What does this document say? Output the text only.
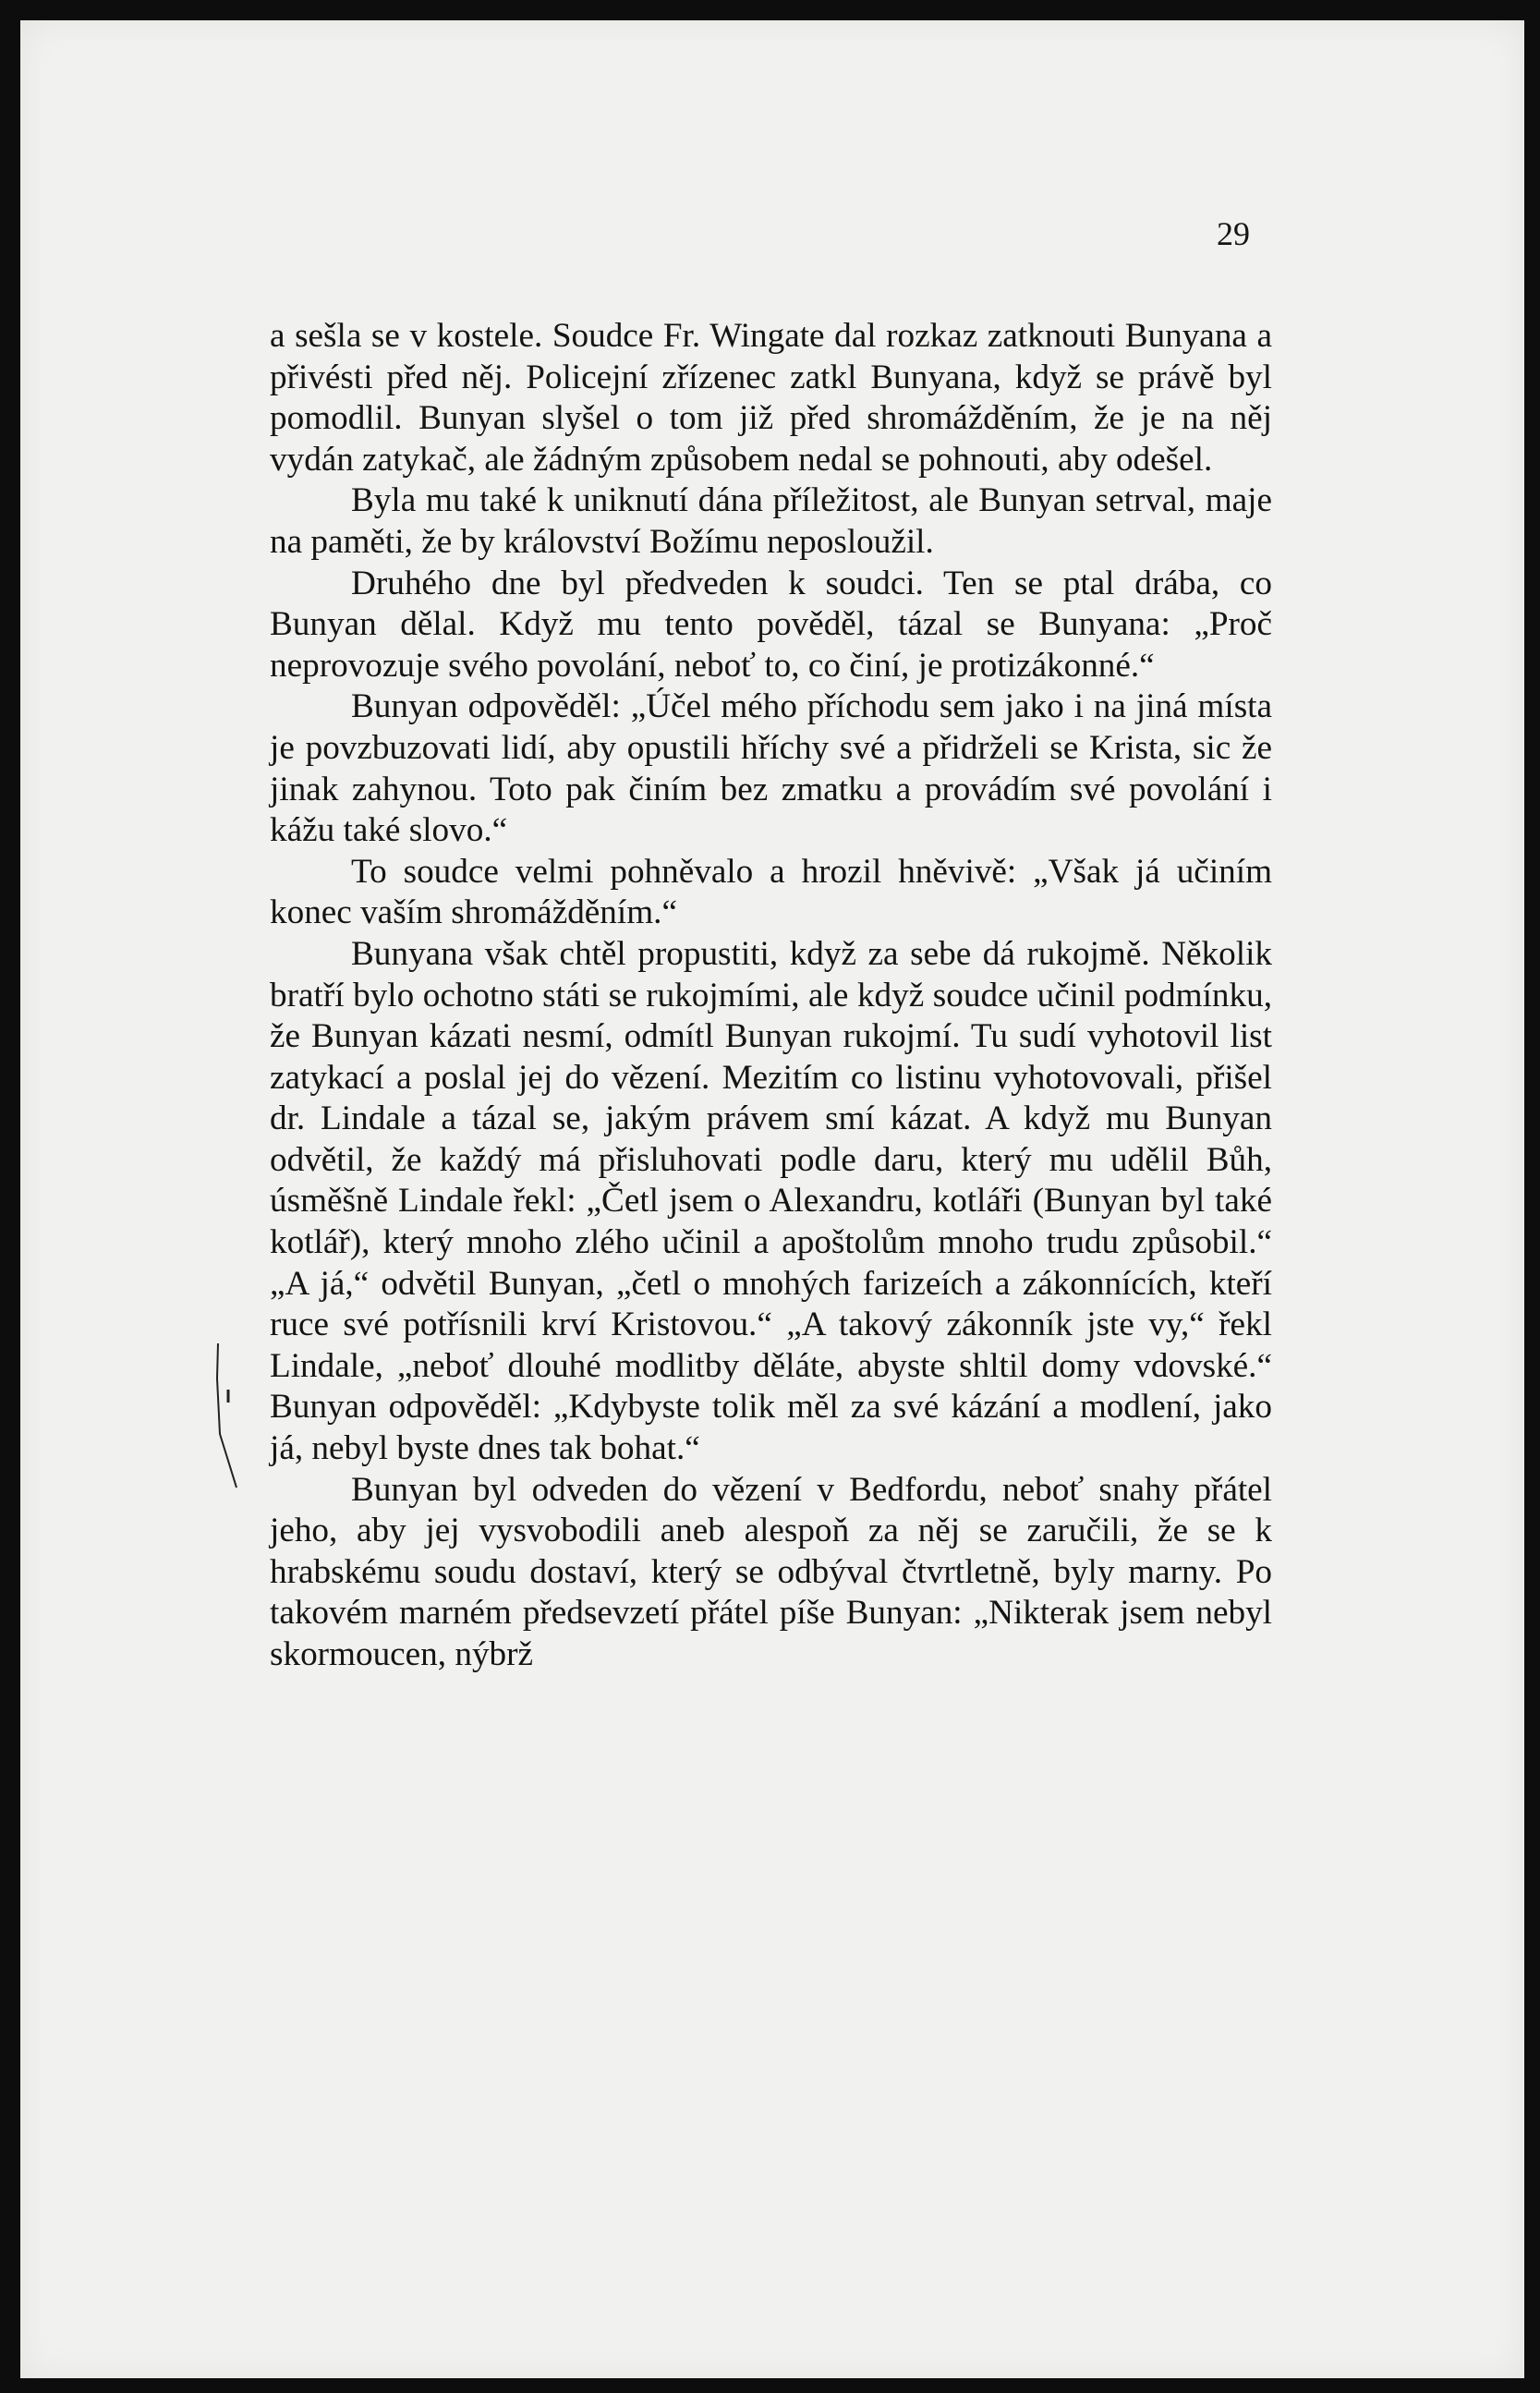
29

a sešla se v kostele. Soudce Fr. Wingate dal rozkaz zatknouti Bunyana a přivésti před něj. Policejní zřízenec zatkl Bunyana, když se právě byl pomodlil. Bunyan slyšel o tom již před shromážděním, že je na něj vydán zatykač, ale žádným způsobem nedal se pohnouti, aby odešel.

Byla mu také k uniknutí dána příležitost, ale Bunyan setrval, maje na paměti, že by království Božímu neposloužil.

Druhého dne byl předveden k soudci. Ten se ptal drába, co Bunyan dělal. Když mu tento pověděl, tázal se Bunyana: „Proč neprovozuje svého povolání, neboť to, co činí, je protizákonné.“

Bunyan odpověděl: „Účel mého příchodu sem jako i na jiná místa je povzbuzovati lidí, aby opustili hříchy své a přidrželi se Krista, sic že jinak zahynou. Toto pak činím bez zmatku a provádím své povolání i kážu také slovo.“

To soudce velmi pohněvalo a hrozil hněvivě: „Však já učiním konec vaším shromážděním.“

Bunyana však chtěl propustiti, když za sebe dá rukojmě. Několik bratří bylo ochotno státi se rukojmími, ale když soudce učinil podmínku, že Bunyan kázati nesmí, odmítl Bunyan rukojmí. Tu sudí vyhotovil list zatykací a poslal jej do vězení. Mezitím co listinu vyhotovovali, přišel dr. Lindale a tázal se, jakým právem smí kázat. A když mu Bunyan odvětil, že každý má přisluhovati podle daru, který mu udělil Bůh, úsměšně Lindale řekl: „Četl jsem o Alexandru, kotláři (Bunyan byl také kotlář), který mnoho zlého učinil a apoštolům mnoho trudu způsobil.“ „A já,“ odvětil Bunyan, „četl o mnohých farizeích a zákonnících, kteří ruce své potřísnili krví Kristovou.“ „A takový zákonník jste vy,“ řekl Lindale, „neboť dlouhé modlitby děláte, abyste shltil domy vdovské.“ Bunyan odpověděl: „Kdybyste tolik měl za své kázání a modlení, jako já, nebyl byste dnes tak bohat.“

Bunyan byl odveden do vězení v Bedfordu, neboť snahy přátel jeho, aby jej vysvobodili aneb alespoň za něj se zaručili, že se k hrabskému soudu dostaví, který se odbýval čtvrtletně, byly marny. Po takovém marném předsevzetí přátel píše Bunyan: „Nikterak jsem nebyl skormoucen, nýbrž
